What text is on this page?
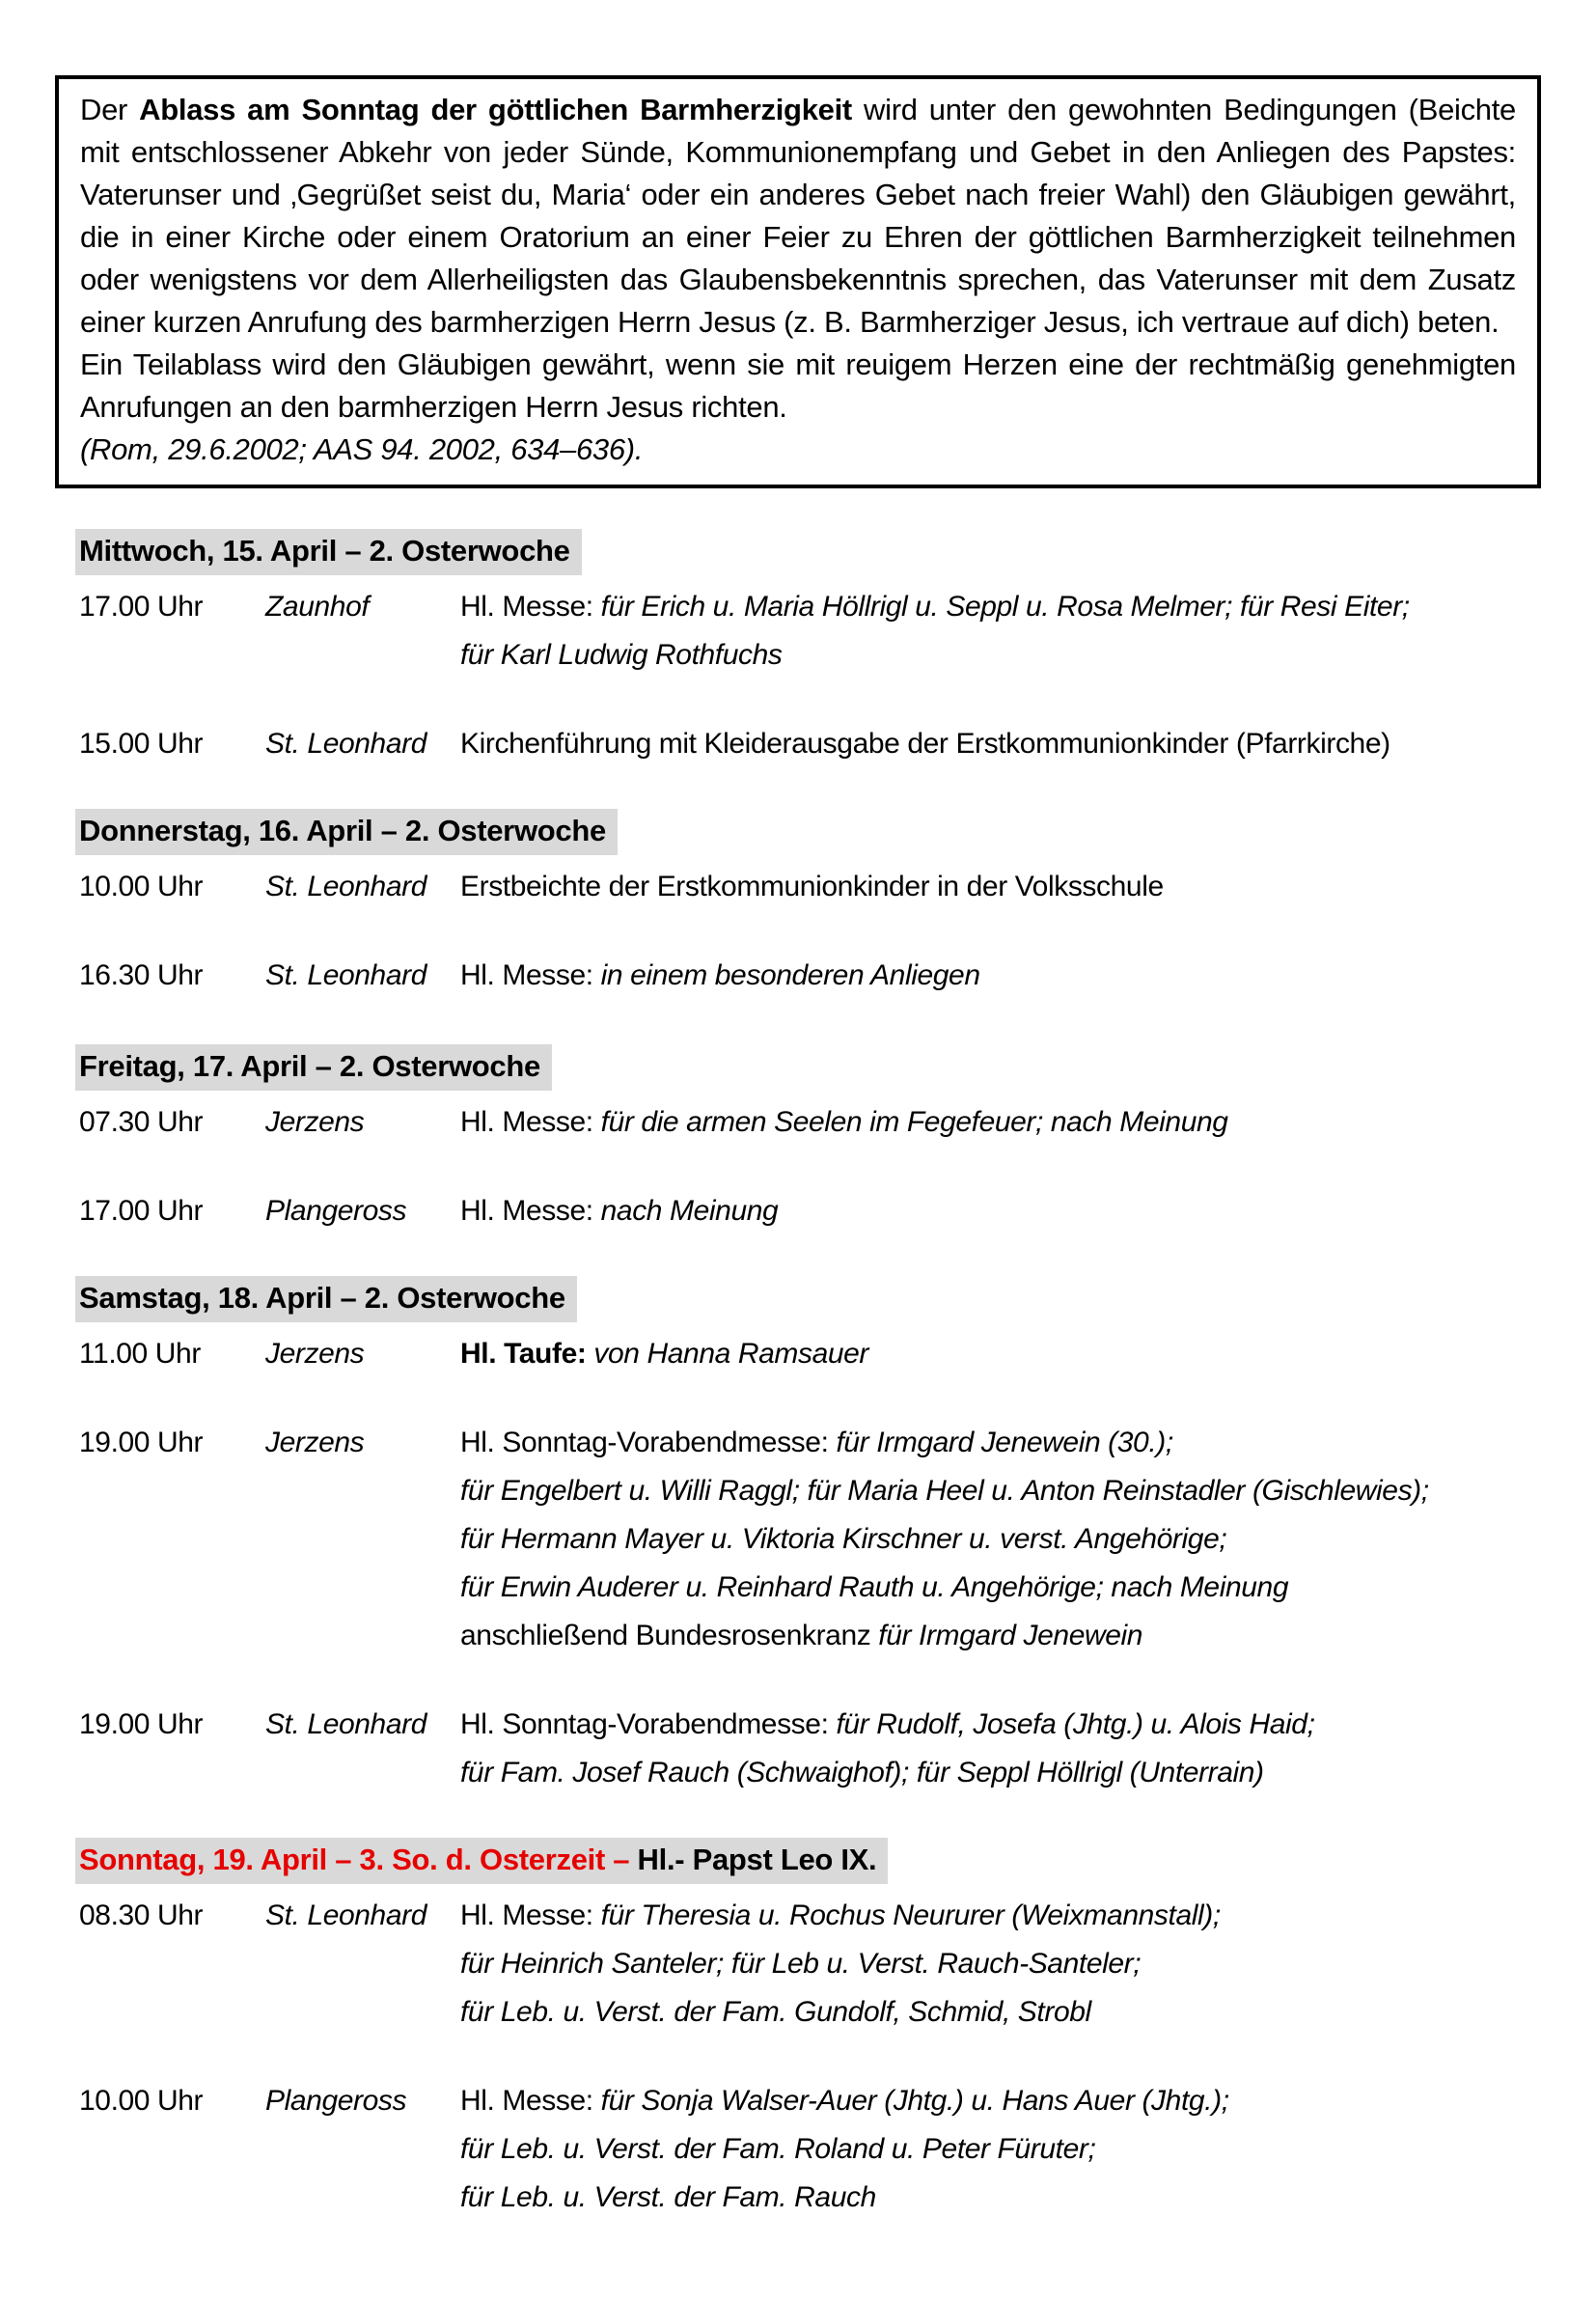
Der Ablass am Sonntag der göttlichen Barmherzigkeit wird unter den gewohnten Bedingungen (Beichte mit entschlossener Abkehr von jeder Sünde, Kommunionempfang und Gebet in den Anliegen des Papstes: Vaterunser und ‚Gegrüßet seist du, Maria‘ oder ein anderes Gebet nach freier Wahl) den Gläubigen gewährt, die in einer Kirche oder einem Oratorium an einer Feier zu Ehren der göttlichen Barmherzigkeit teilnehmen oder wenigstens vor dem Allerheiligsten das Glaubensbekenntnis sprechen, das Vaterunser mit dem Zusatz einer kurzen Anrufung des barmherzigen Herrn Jesus (z. B. Barmherziger Jesus, ich vertraue auf dich) beten.

Ein Teilablass wird den Gläubigen gewährt, wenn sie mit reuigem Herzen eine der rechtmäßig genehmigten Anrufungen an den barmherzigen Herrn Jesus richten.

(Rom, 29.6.2002; AAS 94. 2002, 634–636).

Mittwoch, 15. April – 2. Osterwoche
17.00 Uhr	Zaunhof	Hl. Messe: für Erich u. Maria Höllrigl u. Seppl u. Rosa Melmer; für Resi Eiter;
für Karl Ludwig Rothfuchs
15.00 Uhr	St. Leonhard	Kirchenführung mit Kleiderausgabe der Erstkommunionkinder (Pfarrkirche)
Donnerstag, 16. April – 2. Osterwoche
10.00 Uhr	St. Leonhard	Erstbeichte der Erstkommunionkinder in der Volksschule
16.30 Uhr	St. Leonhard	Hl. Messe: in einem besonderen Anliegen
Freitag, 17. April – 2. Osterwoche
07.30 Uhr	Jerzens	Hl. Messe: für die armen Seelen im Fegefeuer; nach Meinung
17.00 Uhr	Plangeross	Hl. Messe: nach Meinung
Samstag, 18. April – 2. Osterwoche
11.00 Uhr	Jerzens	Hl. Taufe: von Hanna Ramsauer
19.00 Uhr	Jerzens	Hl. Sonntag-Vorabendmesse: für Irmgard Jenewein (30.);
für Engelbert u. Willi Raggl; für Maria Heel u. Anton Reinstadler (Gischlewies);
für Hermann Mayer u. Viktoria Kirschner u. verst. Angehörige;
für Erwin Auderer u. Reinhard Rauth u. Angehörige; nach Meinung
anschließend Bundesrosenkranz für Irmgard Jenewein
19.00 Uhr	St. Leonhard	Hl. Sonntag-Vorabendmesse: für Rudolf, Josefa (Jhtg.) u. Alois Haid;
für Fam. Josef Rauch (Schwaighof); für Seppl Höllrigl (Unterrain)
Sonntag, 19. April – 3. So. d. Osterzeit – Hl.- Papst Leo IX.
08.30 Uhr	St. Leonhard	Hl. Messe: für Theresia u. Rochus Neururer (Weixmannstall);
für Heinrich Santeler; für Leb u. Verst. Rauch-Santeler;
für Leb. u. Verst. der Fam. Gundolf, Schmid, Strobl
10.00 Uhr	Plangeross	Hl. Messe: für Sonja Walser-Auer (Jhtg.) u. Hans Auer (Jhtg.);
für Leb. u. Verst. der Fam. Roland u. Peter Füruter;
für Leb. u. Verst. der Fam. Rauch
